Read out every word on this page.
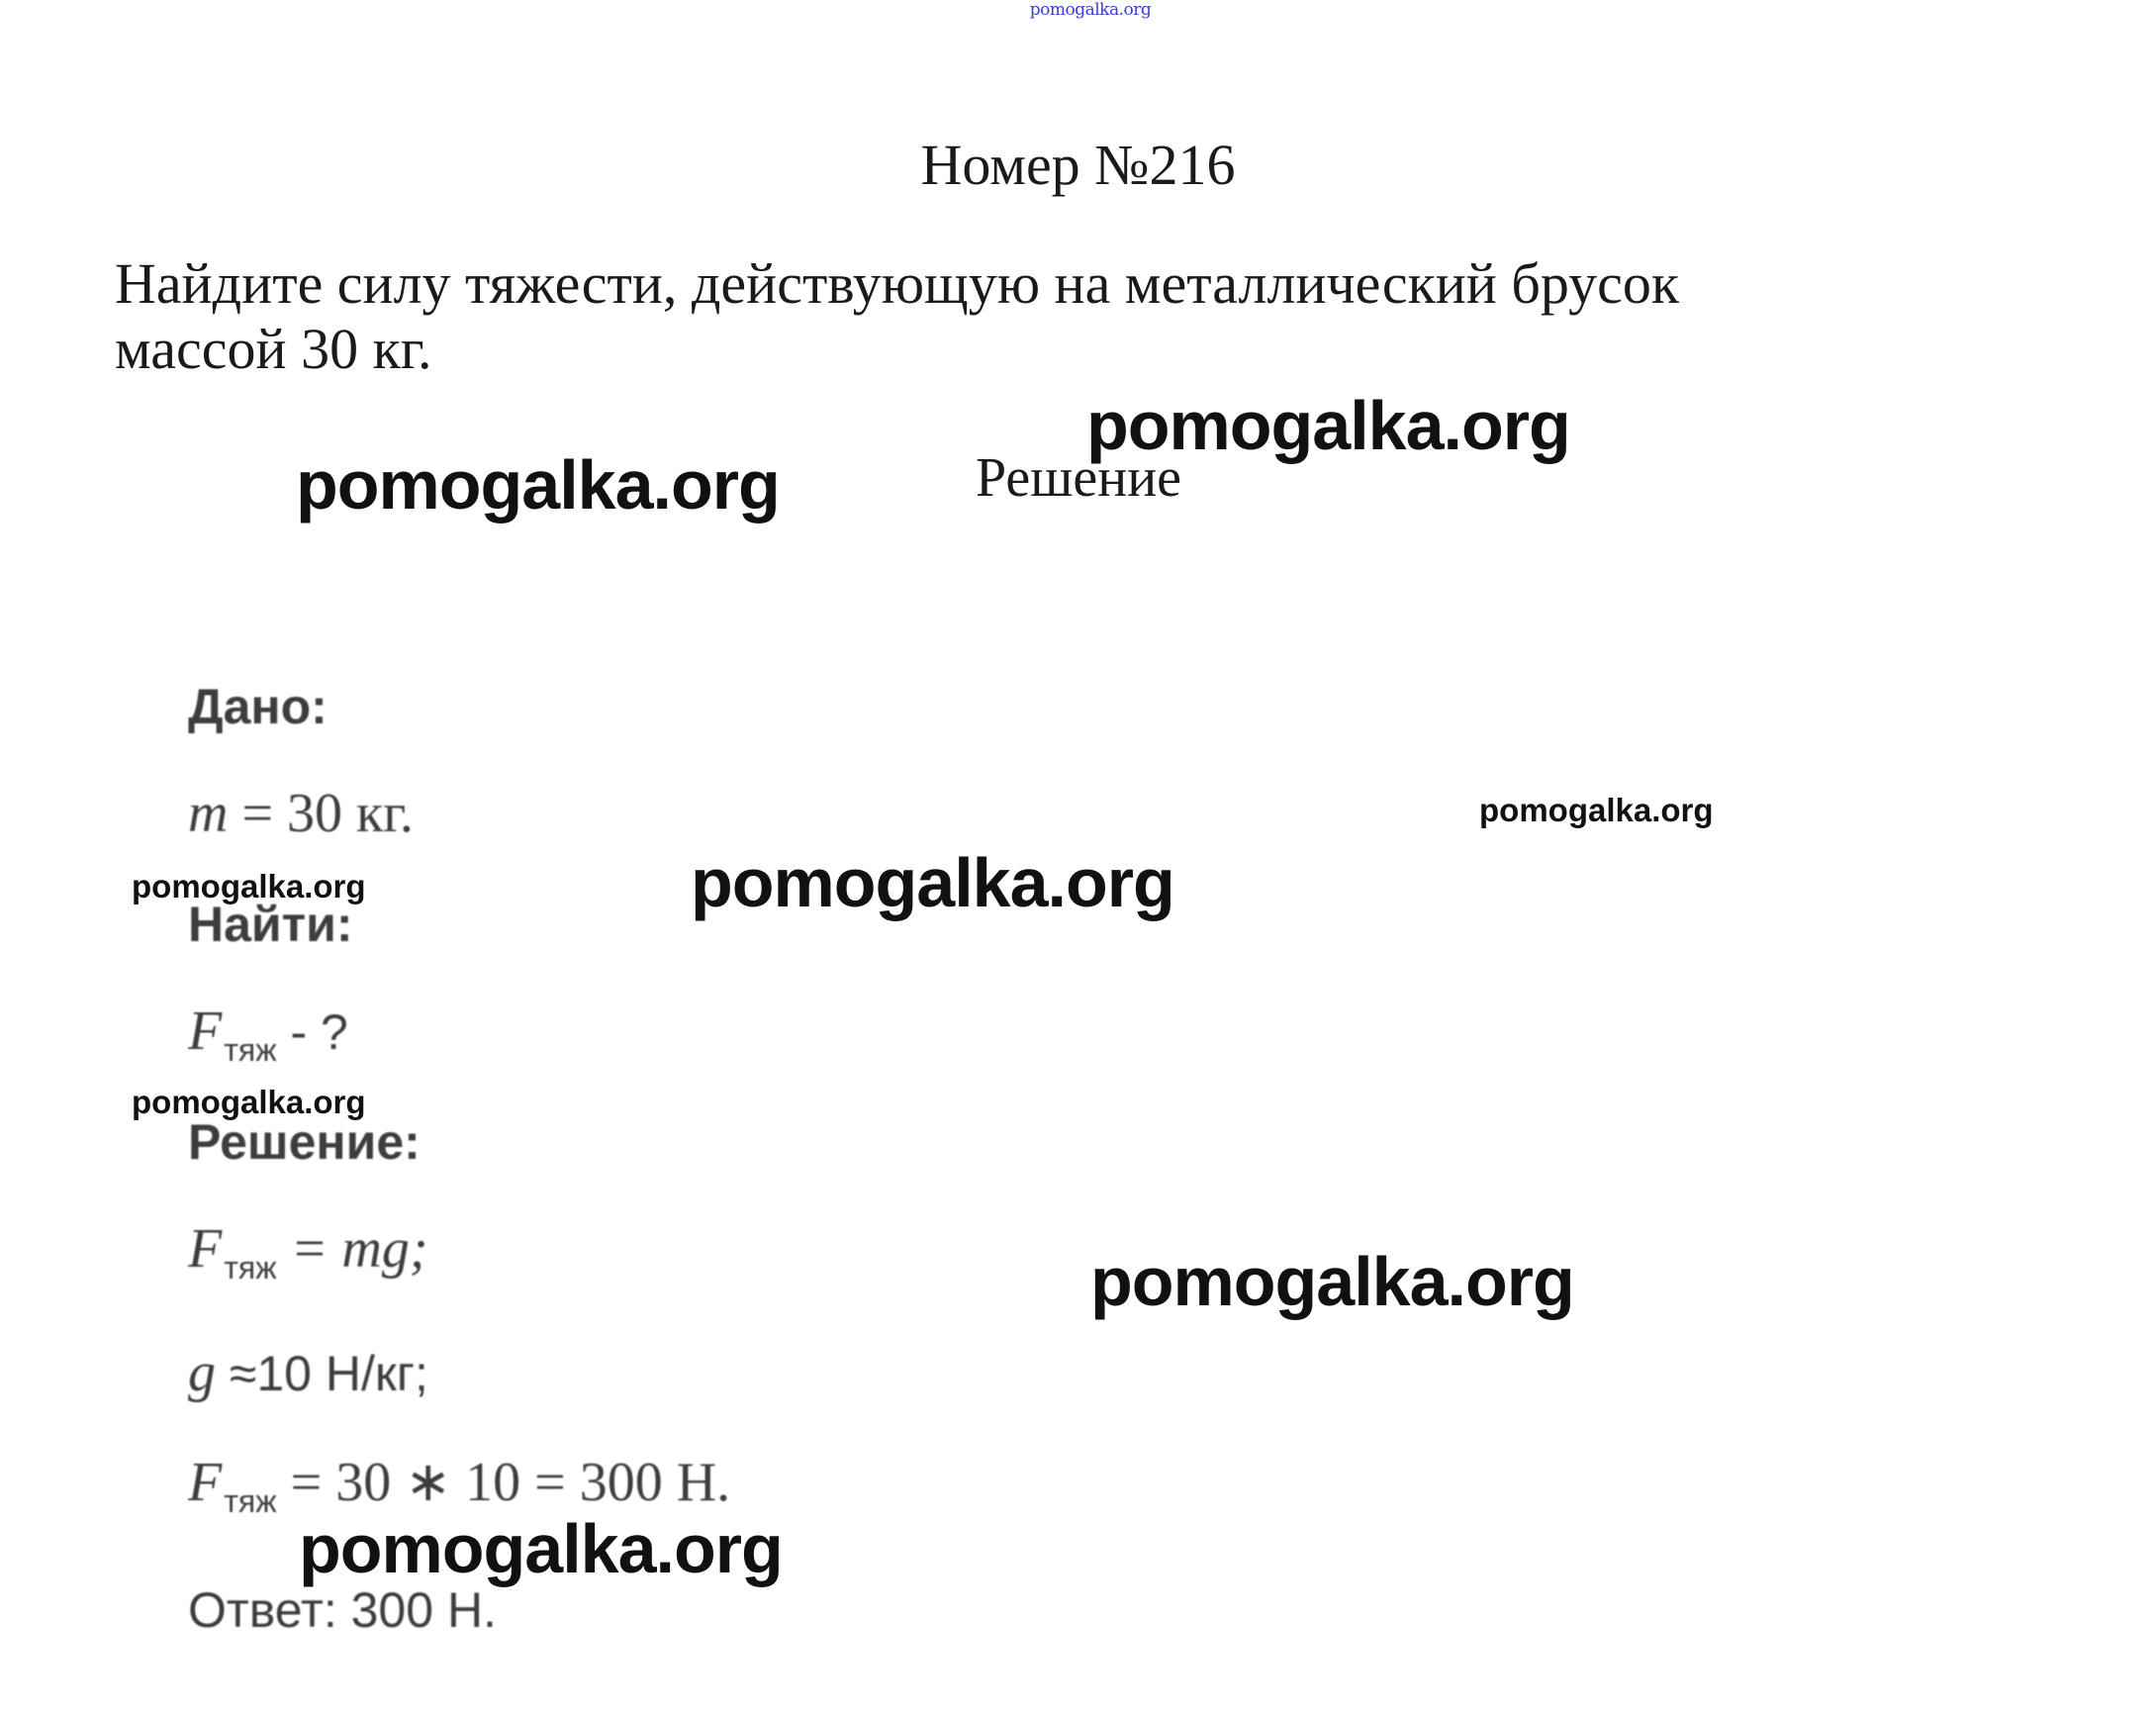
pomogalka.org
Номер №216
Найдите силу тяжести, действующую на металлический брусок массой 30 кг.
Решение
Дано:
m = 30 кг.
Найти:
$F_{тяж}$ - ?
Решение:
$F_{тяж}$ = mg;
g ≈10 Н/кг;
$F_{тяж} = 30$ ∗ 10 = 300 Н.
Ответ: 300 Н.
pomogalka.org
pomogalka.org
pomogalka.org
pomogalka.org	pomogalka.org
pomogalka.org
pomogalka.org
pomogalka.org
